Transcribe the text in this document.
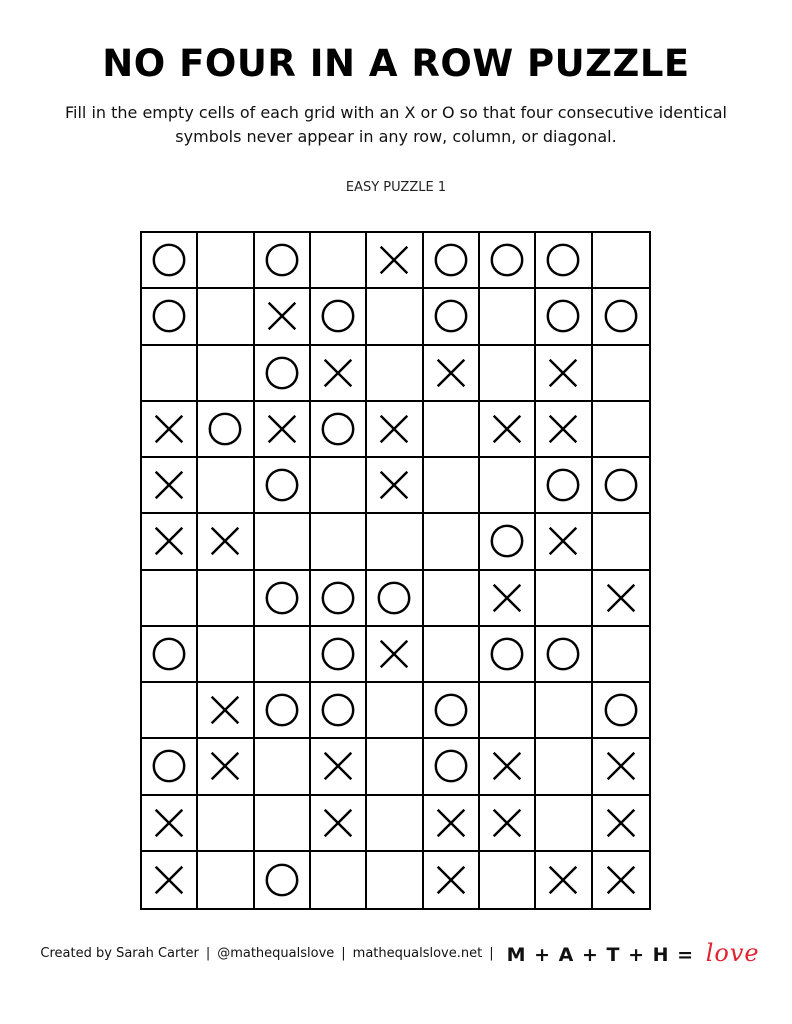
NO FOUR IN A ROW PUZZLE
Fill in the empty cells of each grid with an X or O so that four consecutive identical symbols never appear in any row, column, or diagonal.
EASY PUZZLE 1
Created by Sarah Carter | @mathequalslove | mathequalslove.net | M + A + T + H = love
